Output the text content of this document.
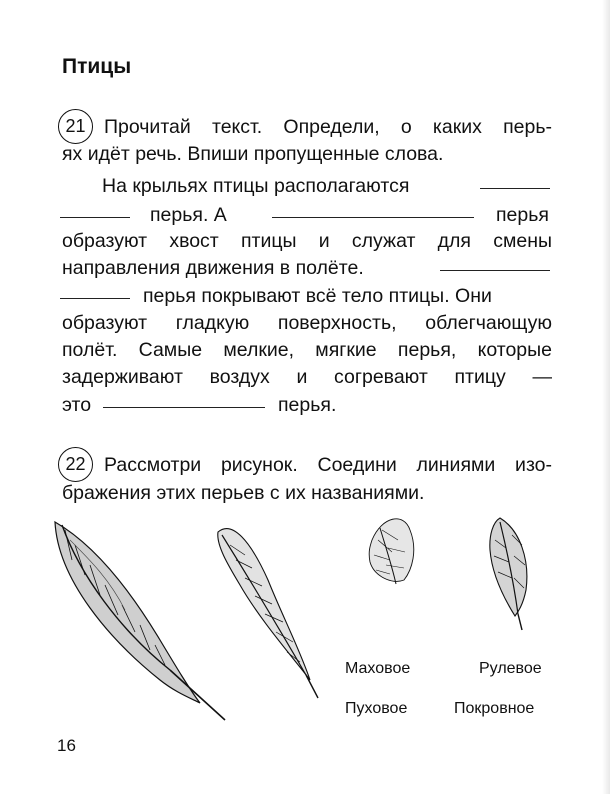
Птицы
21 Прочитай текст. Определи, о каких перь-
ях идёт речь. Впиши пропущенные слова.
На крыльях птицы располагаются
перья. А	перья
образуют хвост птицы и служат для смены
направления движения в полёте.
перья покрывают всё тело птицы. Они
образуют гладкую поверхность, облегчающую
полёт. Самые мелкие, мягкие перья, которые
задерживают воздух и согревают птицу —
это	перья.
22 Рассмотри рисунок. Соедини линиями изо-
бражения этих перьев с их названиями.
Маховое	Рулевое
Пуховое	Покровное
16
